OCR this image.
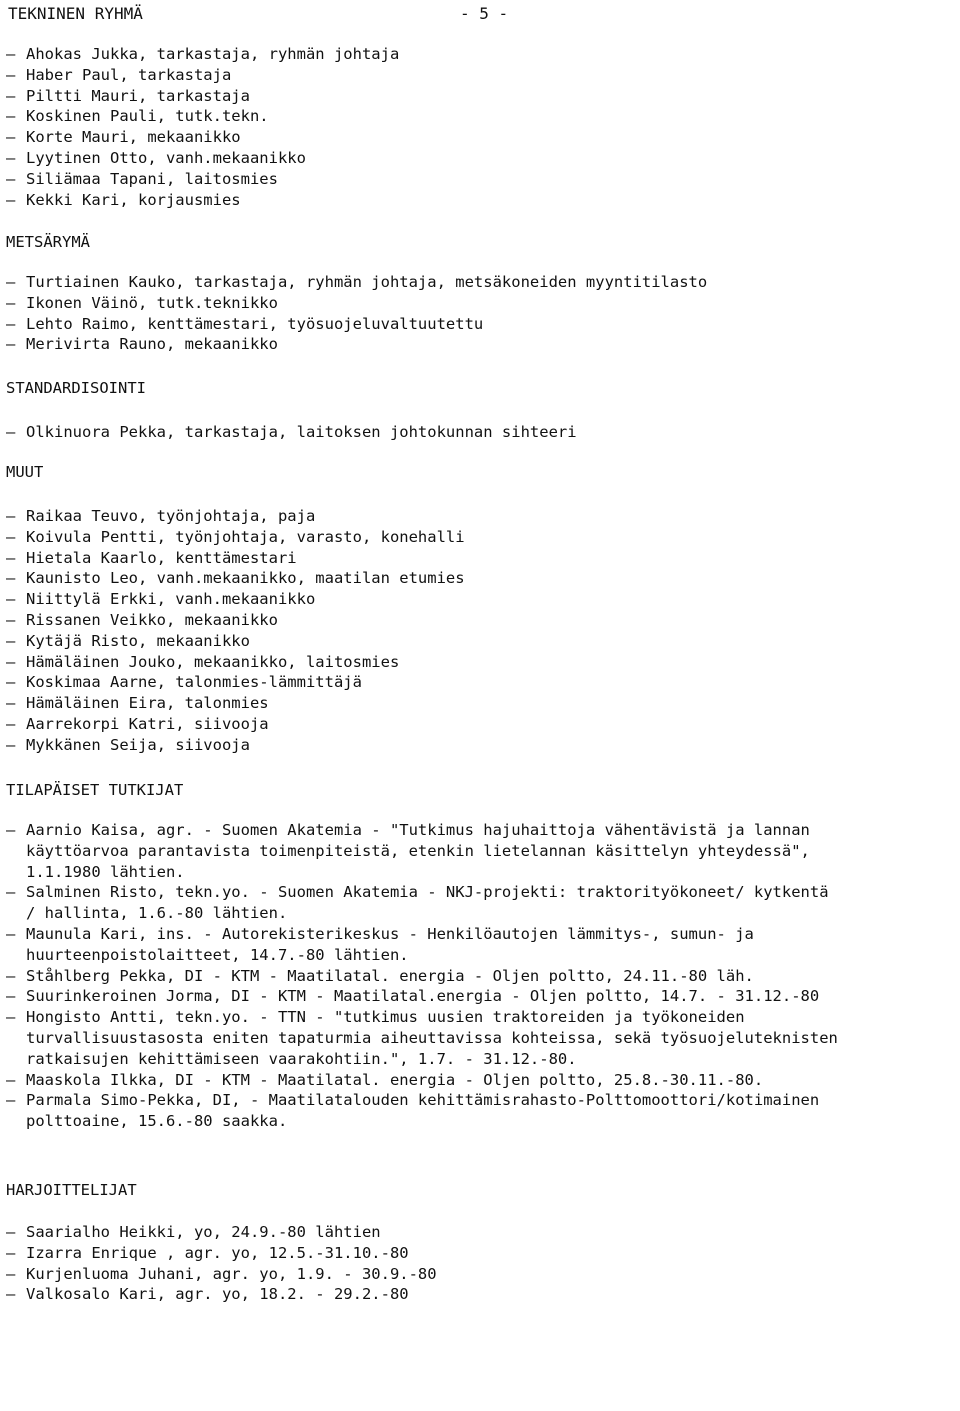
TEKNINEN RYHMÄ	- 5 -
– Ahokas Jukka, tarkastaja, ryhmän johtaja
– Haber Paul, tarkastaja
– Piltti Mauri, tarkastaja
– Koskinen Pauli, tutk.tekn.
– Korte Mauri, mekaanikko
– Lyytinen Otto, vanh.mekaanikko
– Siliämaa Tapani, laitosmies
– Kekki Kari, korjausmies
METSÄRYMÄ
– Turtiainen Kauko, tarkastaja, ryhmän johtaja, metsäkoneiden myyntitilasto
– Ikonen Väinö, tutk.teknikko
– Lehto Raimo, kenttämestari, työsuojeluvaltuutettu
– Merivirta Rauno, mekaanikko
STANDARDISOINTI
– Olkinuora Pekka, tarkastaja, laitoksen johtokunnan sihteeri
MUUT
– Raikaa Teuvo, työnjohtaja, paja
– Koivula Pentti, työnjohtaja, varasto, konehalli
– Hietala Kaarlo, kenttämestari
– Kaunisto Leo, vanh.mekaanikko, maatilan etumies
– Niittylä Erkki, vanh.mekaanikko
– Rissanen Veikko, mekaanikko
– Kytäjä Risto, mekaanikko
– Hämäläinen Jouko, mekaanikko, laitosmies
– Koskimaa Aarne, talonmies-lämmittäjä
– Hämäläinen Eira, talonmies
– Aarrekorpi Katri, siivooja
– Mykkänen Seija, siivooja
TILAPÄISET TUTKIJAT
– Aarnio Kaisa, agr. - Suomen Akatemia - "Tutkimus hajuhaittoja vähentävistä ja lannan käyttöarvoa parantavista toimenpiteistä, etenkin lietelannan käsittelyn yhteydessä", 1.1.1980 lähtien.
– Salminen Risto, tekn.yo. - Suomen Akatemia - NKJ-projekti: traktorityökoneet/ kytkentä / hallinta, 1.6.-80 lähtien.
– Maunula Kari, ins. - Autorekisterikeskus - Henkilöautojen lämmitys-, sumun- ja huurteenpoistolaitteet, 14.7.-80 lähtien.
– Ståhlberg Pekka, DI - KTM - Maatilatal. energia - Oljen poltto, 24.11.-80 läh.
– Suurinkeroinen Jorma, DI - KTM - Maatilatal.energia - Oljen poltto, 14.7. - 31.12.-80
– Hongisto Antti, tekn.yo. - TTN - "tutkimus uusien traktoreiden ja työkoneiden turvallisuustasosta eniten tapaturmia aiheuttavissa kohteissa, sekä työsuojeluteknisten ratkaisujen kehittämiseen vaarakohtiin.", 1.7. - 31.12.-80.
– Maaskola Ilkka, DI - KTM - Maatilatal. energia - Oljen poltto, 25.8.-30.11.-80.
– Parmala Simo-Pekka, DI, - Maatilatalouden kehittämisrahasto-Polttomoottori/kotimainen polttoaine, 15.6.-80 saakka.
HARJOITTELIJAT
– Saarialho Heikki, yo, 24.9.-80 lähtien
– Izarra Enrique , agr. yo, 12.5.-31.10.-80
– Kurjenluoma Juhani, agr. yo, 1.9. - 30.9.-80
– Valkosalo Kari, agr. yo, 18.2. - 29.2.-80
